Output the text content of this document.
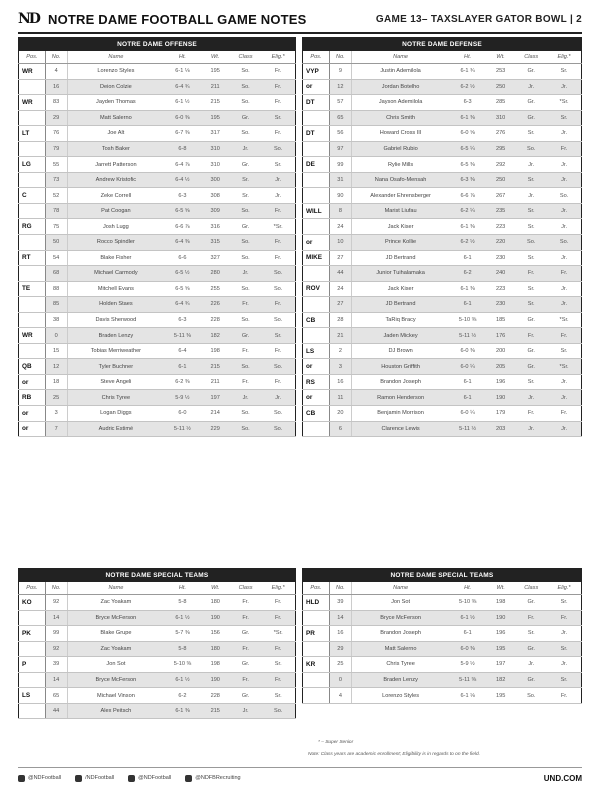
ND NOTRE DAME FOOTBALL GAME NOTES	GAME 13– TAXSLAYER GATOR BOWL | 2
NOTRE DAME OFFENSE						
Pos.	No.	Name	Ht.	Wt.	Class	Elig.*
WR	4	Lorenzo Styles	6-1 ⅛	195	So.	Fr.
	16	Deion Colzie	6-4 ¾	211	So.	Fr.
WR	83	Jayden Thomas	6-1 ½	215	So.	Fr.
	29	Matt Salerno	6-0 ⅜	195	Gr.	Sr.
LT	76	Joe Alt	6-7 ⅜	317	So.	Fr.
	79	Tosh Baker	6-8	310	Jr.	So.
LG	55	Jarrett Patterson	6-4 ⅞	310	Gr.	Sr.
	73	Andrew Kristofic	6-4 ½	300	Sr.	Jr.
C	52	Zeke Correll	6-3	308	Sr.	Jr.
	78	Pat Coogan	6-5 ⅝	309	So.	Fr.
RG	75	Josh Lugg	6-6 ⅞	316	Gr.	*Sr.
	50	Rocco Spindler	6-4 ⅜	315	So.	Fr.
RT	54	Blake Fisher	6-6	327	So.	Fr.
	68	Michael Carmody	6-5 ½	280	Jr.	So.
TE	88	Mitchell Evans	6-5 ⅝	255	So.	So.
	85	Holden Staes	6-4 ¾	226	Fr.	Fr.
	38	Davis Sherwood	6-3	228	So.	So.
WR	0	Braden Lenzy	5-11 ⅜	182	Gr.	Sr.
	15	Tobias Merriweather	6-4	198	Fr.	Fr.
QB	12	Tyler Buchner	6-1	215	So.	So.
or	18	Steve Angeli	6-2 ⅜	211	Fr.	Fr.
RB	25	Chris Tyree	5-9 ½	197	Jr.	Jr.
or	3	Logan Diggs	6-0	214	So.	So.
or	7	Audric Estimé	5-11 ½	229	So.	So.
NOTRE DAME DEFENSE						
Pos.	No.	Name	Ht.	Wt.	Class	Elig.*
VYP	9	Justin Ademilola	6-1 ¾	253	Gr.	Sr.
or	12	Jordan Botelho	6-2 ½	250	Jr.	Jr.
DT	57	Jayson Ademilola	6-3	285	Gr.	*Sr.
	65	Chris Smith	6-1 ⅜	310	Gr.	Sr.
DT	56	Howard Cross III	6-0 ⅝	276	Sr.	Jr.
	97	Gabriel Rubio	6-5 ¼	295	So.	Fr.
DE	99	Rylie Mills	6-5 ⅜	292	Jr.	Jr.
	31	Nana Osafo-Mensah	6-3 ⅜	250	Sr.	Jr.
	90	Alexander Ehrensberger	6-6 ⅞	267	Jr.	So.
WILL	8	Marist Liufau	6-2 ¼	235	Sr.	Jr.
	24	Jack Kiser	6-1 ⅜	223	Sr.	Jr.
or	10	Prince Kollie	6-2 ½	220	So.	So.
MIKE	27	JD Bertrand	6-1	230	Sr.	Jr.
	44	Junior Tuihalamaka	6-2	240	Fr.	Fr.
ROV	24	Jack Kiser	6-1 ⅜	223	Sr.	Jr.
	27	JD Bertrand	6-1	230	Sr.	Jr.
CB	28	TaRiq Bracy	5-10 ⅜	185	Gr.	*Sr.
	21	Jaden Mickey	5-11 ½	176	Fr.	Fr.
LS	2	DJ Brown	6-0 ⅜	200	Gr.	Sr.
or	3	Houston Griffith	6-0 ¼	205	Gr.	*Sr.
RS	16	Brandon Joseph	6-1	196	Sr.	Jr.
or	11	Ramon Henderson	6-1	190	Jr.	Jr.
CB	20	Benjamin Morrison	6-0 ¼	179	Fr.	Fr.
	6	Clarence Lewis	5-11 ½	203	Jr.	Jr.
NOTRE DAME SPECIAL TEAMS						
Pos.	No.	Name	Ht.	Wt.	Class	Elig.*
KO	92	Zac Yoakam	5-8	180	Fr.	Fr.
	14	Bryce McFerson	6-1 ½	190	Fr.	Fr.
PK	99	Blake Grupe	5-7 ⅜	156	Gr.	*Sr.
	92	Zac Yoakam	5-8	180	Fr.	Fr.
P	39	Jon Sot	5-10 ⅜	198	Gr.	Sr.
	14	Bryce McFerson	6-1 ½	190	Fr.	Fr.
LS	65	Michael Vinson	6-2	228	Gr.	Sr.
	44	Alex Peitsch	6-1 ⅜	215	Jr.	So.
NOTRE DAME SPECIAL TEAMS						
Pos.	No.	Name	Ht.	Wt.	Class	Elig.*
HLD	39	Jon Sot	5-10 ⅜	198	Gr.	Sr.
	14	Bryce McFerson	6-1 ½	190	Fr.	Fr.
PR	16	Brandon Joseph	6-1	196	Sr.	Jr.
	29	Matt Salerno	6-0 ⅜	195	Gr.	Sr.
KR	25	Chris Tyree	5-9 ½	197	Jr.	Jr.
	0	Braden Lenzy	5-11 ⅜	182	Gr.	Sr.
	4	Lorenzo Styles	6-1 ⅛	195	So.	Fr.
* – Super Senior
Note: Class years are academic enrollment; Eligibility is in regards to on the field.
@NDFootball	/NDFootball	@NDFootball	@NDFBRecruiting	UND.COM
